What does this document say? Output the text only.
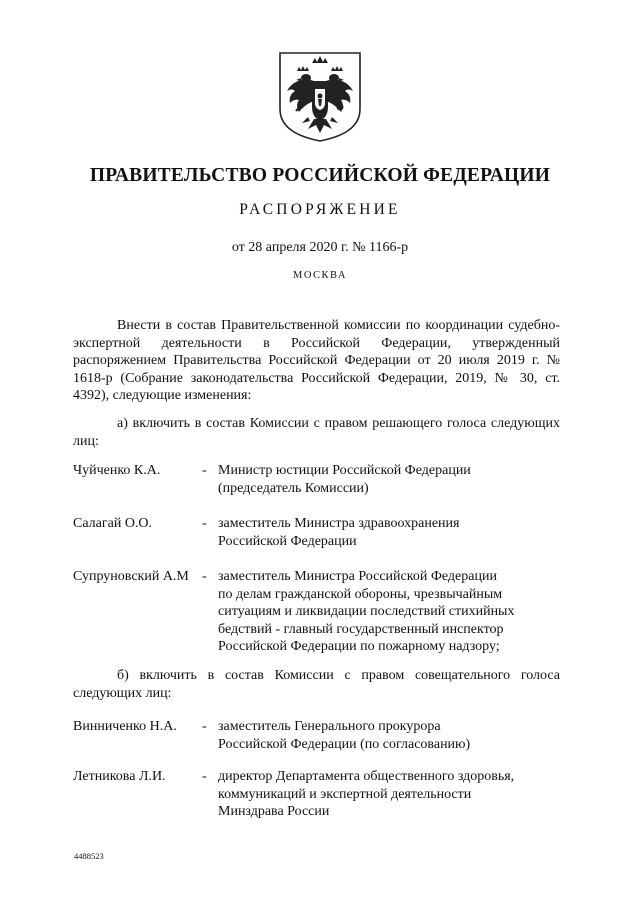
ПРАВИТЕЛЬСТВО РОССИЙСКОЙ ФЕДЕРАЦИИ
РАСПОРЯЖЕНИЕ
от 28 апреля 2020 г. № 1166-р
МОСКВА

Внести в состав Правительственной комиссии по координации судебно-экспертной деятельности в Российской Федерации, утвержденный распоряжением Правительства Российской Федерации от 20 июля 2019 г. № 1618-р (Собрание законодательства Российской Федерации, 2019, № 30, ст. 4392), следующие изменения:

а) включить в состав Комиссии с правом решающего голоса следующих лиц:

Чуйченко К.А.	- Министр юстиции Российской Федерации
(председатель Комиссии)
Салагай О.О.	- заместитель Министра здравоохранения
Российской Федерации
Супруновский А.М - заместитель Министра Российской Федерации
по делам гражданской обороны, чрезвычайным
ситуациям и ликвидации последствий стихийных
бедствий - главный государственный инспектор
Российской Федерации по пожарному надзору;

б) включить в состав Комиссии с правом совещательного голоса следующих лиц:

Винниченко Н.А. - заместитель Генерального прокурора
Российской Федерации (по согласованию)
Летникова Л.И.	- директор Департамента общественного здоровья,
коммуникаций и экспертной деятельности
Минздрава России
4488523
